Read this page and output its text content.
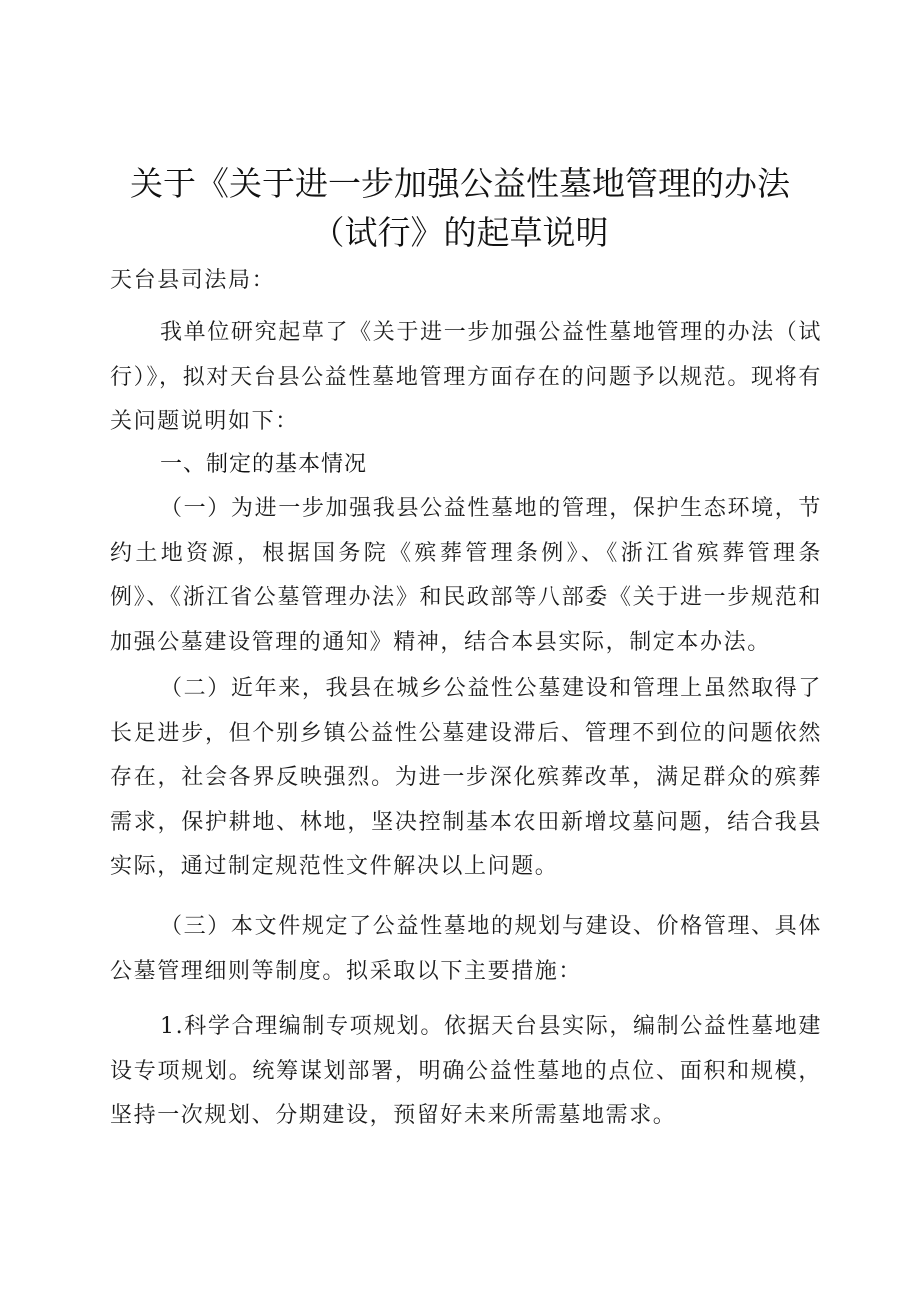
关于《关于进一步加强公益性墓地管理的办法
（试行》的起草说明

天台县司法局：

我单位研究起草了《关于进一步加强公益性墓地管理的办法（试行）》，拟对天台县公益性墓地管理方面存在的问题予以规范。现将有关问题说明如下：

一、制定的基本情况

（一）为进一步加强我县公益性墓地的管理，保护生态环境，节约土地资源，根据国务院《殡葬管理条例》、《浙江省殡葬管理条例》、《浙江省公墓管理办法》和民政部等八部委《关于进一步规范和加强公墓建设管理的通知》精神，结合本县实际，制定本办法。

（二）近年来，我县在城乡公益性公墓建设和管理上虽然取得了长足进步，但个别乡镇公益性公墓建设滞后、管理不到位的问题依然存在，社会各界反映强烈。为进一步深化殡葬改革，满足群众的殡葬需求，保护耕地、林地，坚决控制基本农田新增坟墓问题，结合我县实际，通过制定规范性文件解决以上问题。

（三）本文件规定了公益性墓地的规划与建设、价格管理、具体公墓管理细则等制度。拟采取以下主要措施：

1.科学合理编制专项规划。依据天台县实际，编制公益性墓地建设专项规划。统筹谋划部署，明确公益性墓地的点位、面积和规模，坚持一次规划、分期建设，预留好未来所需墓地需求。
